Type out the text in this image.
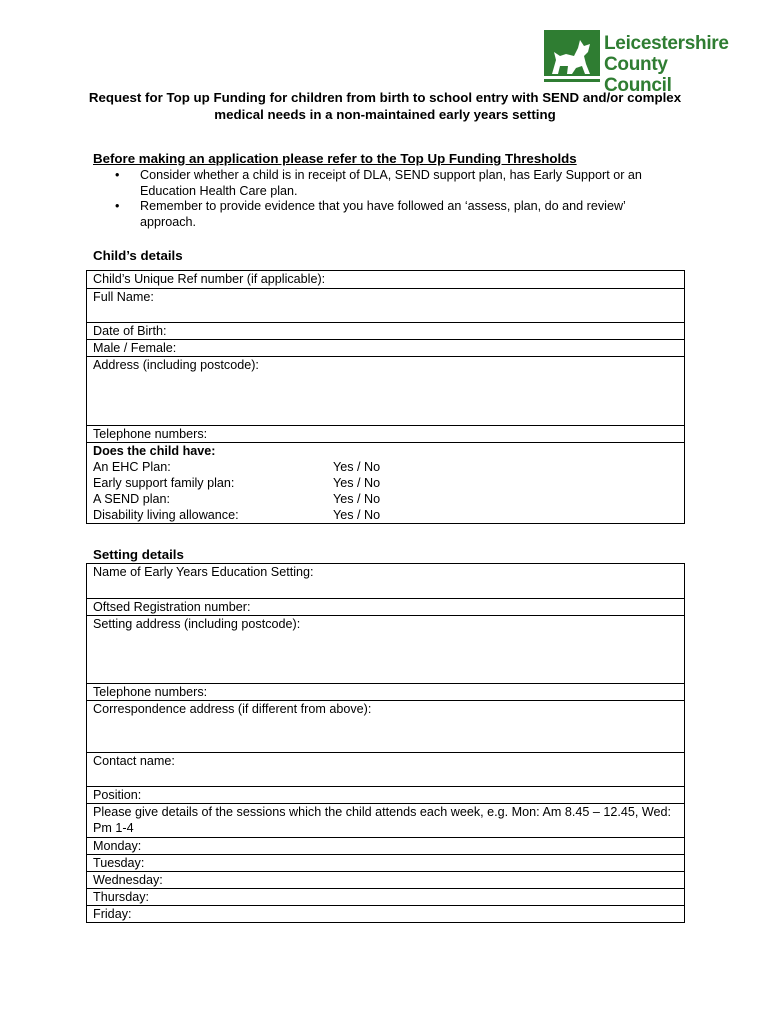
Leicestershire
County Council
Request for Top up Funding for children from birth to school entry with SEND and/or complex medical needs in a non-maintained early years setting
Before making an application please refer to the Top Up Funding Thresholds
• Consider whether a child is in receipt of DLA, SEND support plan, has Early Support or an Education Health Care plan.
• Remember to provide evidence that you have followed an ‘assess, plan, do and review’ approach.
Child’s details
Child’s Unique Ref number (if applicable):
Full Name:
Date of Birth:
Male / Female:
Address (including postcode):
Telephone numbers:

Does the child have:
An EHC Plan:	Yes / No
Early support family plan:	Yes / No
A SEND plan:	Yes / No
Disability living allowance:	Yes / No
Setting details
Name of Early Years Education Setting:
Oftsed Registration number:
Setting address (including postcode):
Telephone numbers:
Correspondence address (if different from above):
Contact name:
Position:
Please give details of the sessions which the child attends each week, e.g. Mon: Am 8.45 – 12.45, Wed: Pm 1-4
Monday:
Tuesday:
Wednesday:
Thursday:
Friday:
